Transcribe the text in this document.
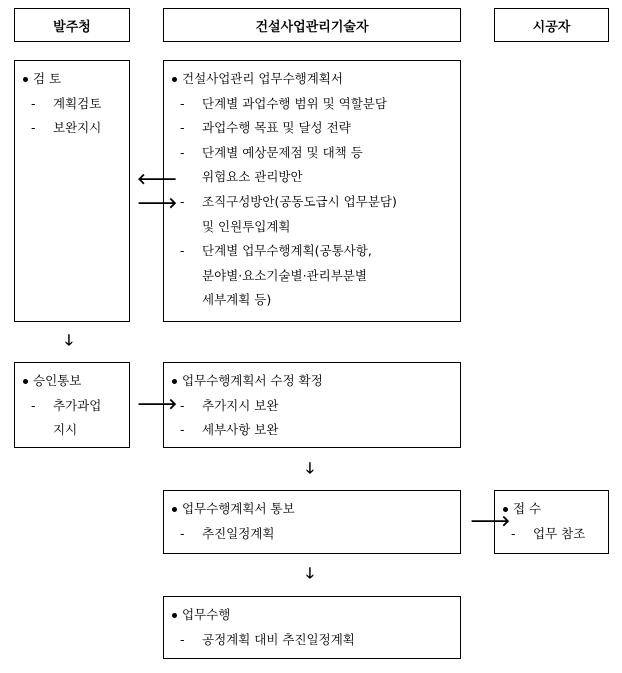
발주청	건설사업관리기술자	시공자
검 토
- 계획검토
- 보완지시
건설사업관리 업무수행계획서
- 단계별 과업수행 범위 및 역할분담
- 과업수행 목표 및 달성 전략
- 단계별 예상문제점 및 대책 등
위험요소 관리방안
- 조직구성방안(공동도급시 업무분담)
및 인원투입계획
- 단계별 업무수행계획(공통사항,
분야별·요소기술별·관리부분별
세부계획 등)
승인통보
- 추가과업
지시
업무수행계획서 수정 확정
- 추가지시 보완
- 세부사항 보완
업무수행계획서 통보
- 추진일정계획
접 수
- 업무 참조
업무수행
- 공정계획 대비 추진일정계획
🡐
🡒
🡓
🡒
🡓
🡒
🡓
